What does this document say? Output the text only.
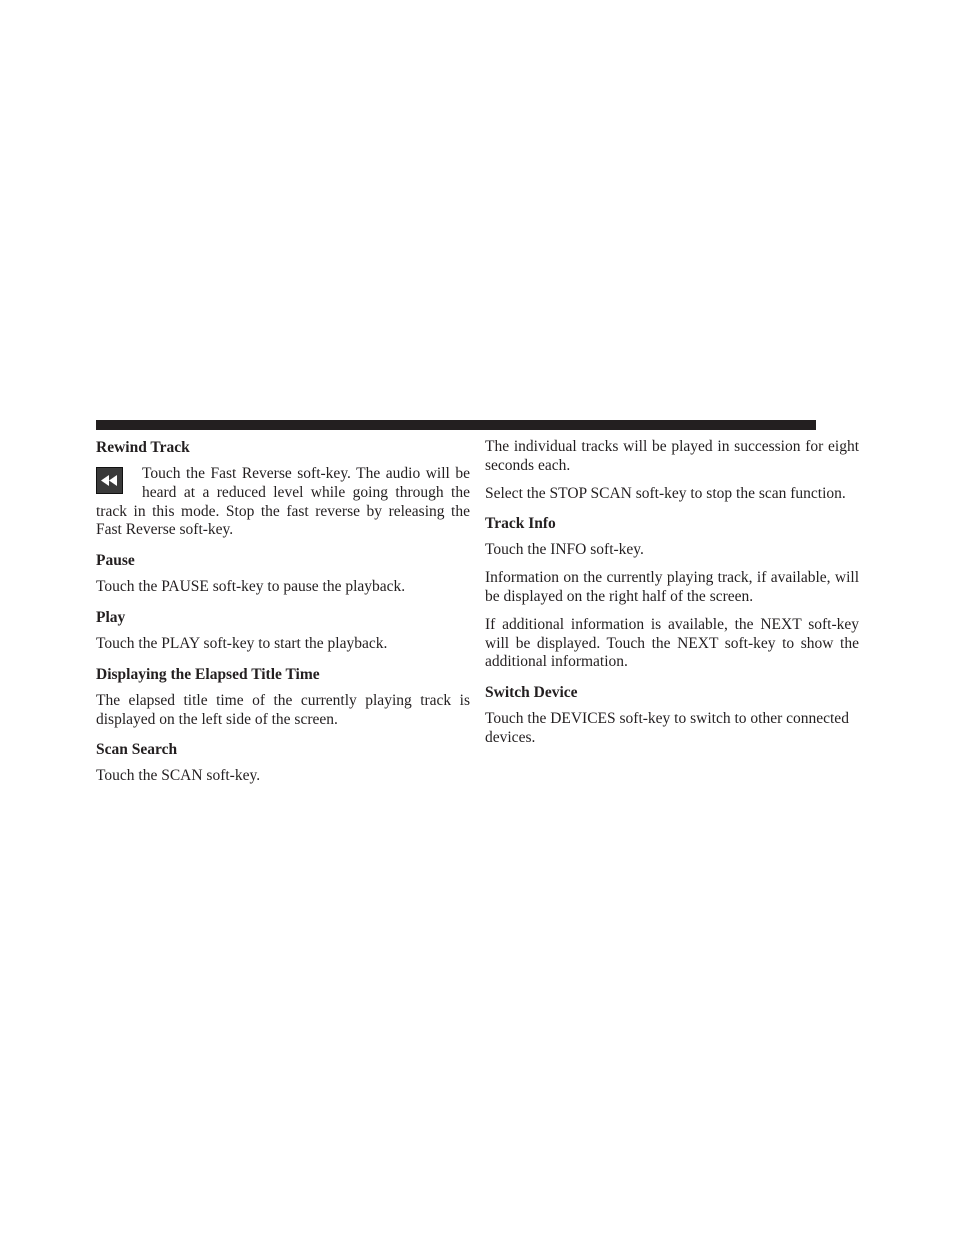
Rewind Track
Touch the Fast Reverse soft-key. The audio will be heard at a reduced level while going through the track in this mode. Stop the fast reverse by releasing the Fast Reverse soft-key.
Pause
Touch the PAUSE soft-key to pause the playback.
Play
Touch the PLAY soft-key to start the playback.
Displaying the Elapsed Title Time
The elapsed title time of the currently playing track is displayed on the left side of the screen.
Scan Search
Touch the SCAN soft-key.
The individual tracks will be played in succession for eight seconds each.
Select the STOP SCAN soft-key to stop the scan function.
Track Info
Touch the INFO soft-key.
Information on the currently playing track, if available, will be displayed on the right half of the screen.
If additional information is available, the NEXT soft-key will be displayed. Touch the NEXT soft-key to show the additional information.
Switch Device
Touch the DEVICES soft-key to switch to other connected devices.
